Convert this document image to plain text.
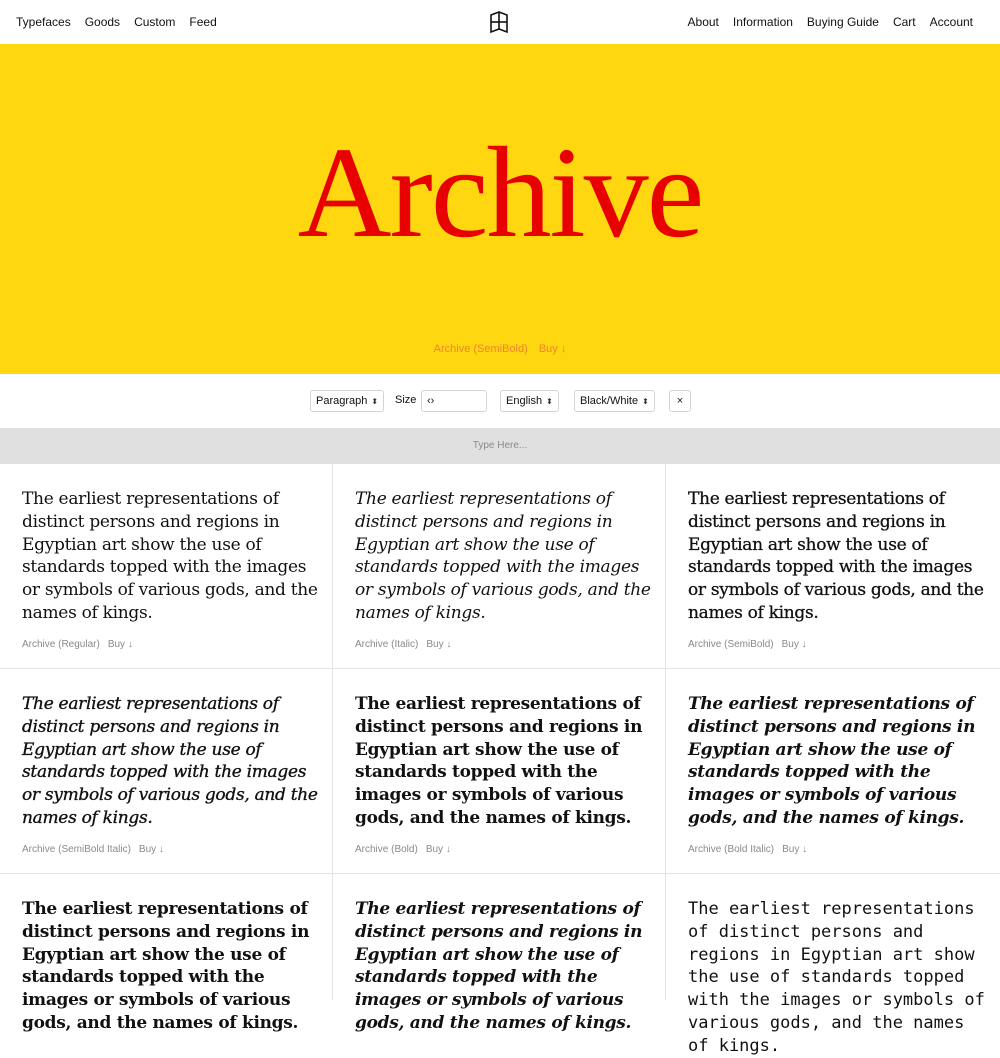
Typefaces Goods Custom Feed	About Information Buying Guide Cart Account
Archive
Archive (SemiBold) Buy ↓
Paragraph ⬍	Size ‹›	English ⬍	Black/White ⬍	×
Type Here...
The earliest representations of distinct persons and regions in Egyptian art show the use of standards topped with the images or symbols of various gods, and the names of kings.
Archive (Regular) Buy ↓
The earliest representations of distinct persons and regions in Egyptian art show the use of standards topped with the images or symbols of various gods, and the names of kings.
Archive (Italic) Buy ↓
The earliest representations of distinct persons and regions in Egyptian art show the use of standards topped with the images or symbols of various gods, and the names of kings.
Archive (SemiBold) Buy ↓
The earliest representations of distinct persons and regions in Egyptian art show the use of standards topped with the images or symbols of various gods, and the names of kings.
Archive (SemiBold Italic) Buy ↓
The earliest representations of distinct persons and regions in Egyptian art show the use of standards topped with the images or symbols of various gods, and the names of kings.
Archive (Bold) Buy ↓
The earliest representations of distinct persons and regions in Egyptian art show the use of standards topped with the images or symbols of various gods, and the names of kings.
Archive (Bold Italic) Buy ↓
The earliest representations of distinct persons and regions in Egyptian art show the use of standards topped with the images or symbols of various gods, and the names of kings.
The earliest representations of distinct persons and regions in Egyptian art show the use of standards topped with the images or symbols of various gods, and the names of kings.
The earliest representations of distinct persons and regions in Egyptian art show the use of standards topped with the images or symbols of various gods, and the names of kings.
